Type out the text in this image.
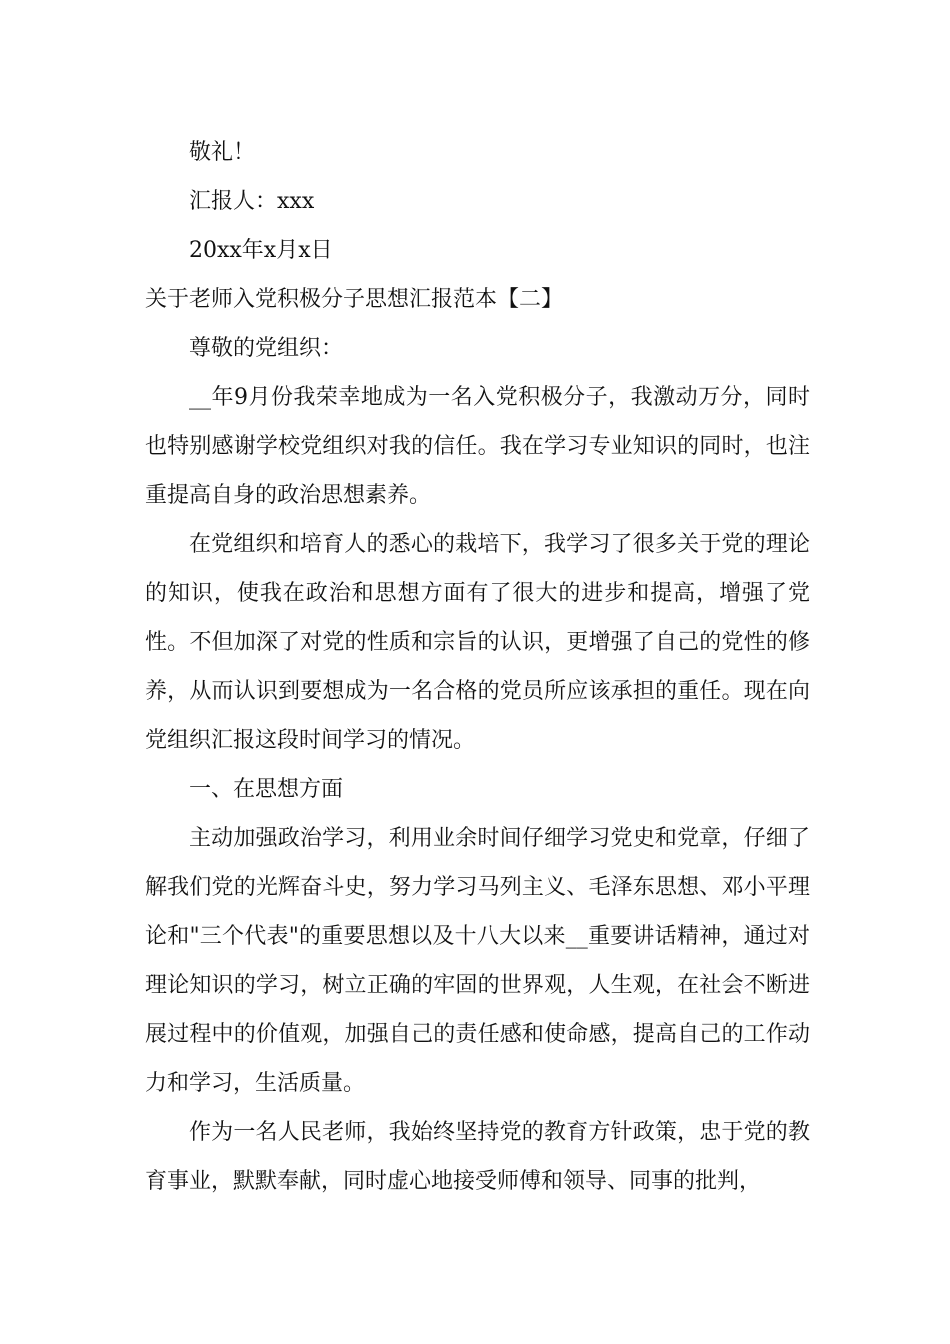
敬礼！

汇报人：xxx

20xx年x月x日

关于老师入党积极分子思想汇报范本【二】

尊敬的党组织：

__年9月份我荣幸地成为一名入党积极分子，我激动万分，同时也特别感谢学校党组织对我的信任。我在学习专业知识的同时，也注重提高自身的政治思想素养。

在党组织和培育人的悉心的栽培下，我学习了很多关于党的理论的知识，使我在政治和思想方面有了很大的进步和提高，增强了党性。不但加深了对党的性质和宗旨的认识，更增强了自己的党性的修养，从而认识到要想成为一名合格的党员所应该承担的重任。现在向党组织汇报这段时间学习的情况。

一、在思想方面

主动加强政治学习，利用业余时间仔细学习党史和党章，仔细了解我们党的光辉奋斗史，努力学习马列主义、毛泽东思想、邓小平理论和"三个代表"的重要思想以及十八大以来__重要讲话精神，通过对理论知识的学习，树立正确的牢固的世界观，人生观，在社会不断进展过程中的价值观，加强自己的责任感和使命感，提高自己的工作动力和学习，生活质量。

作为一名人民老师，我始终坚持党的教育方针政策，忠于党的教育事业，默默奉献，同时虚心地接受师傅和领导、同事的批判，
